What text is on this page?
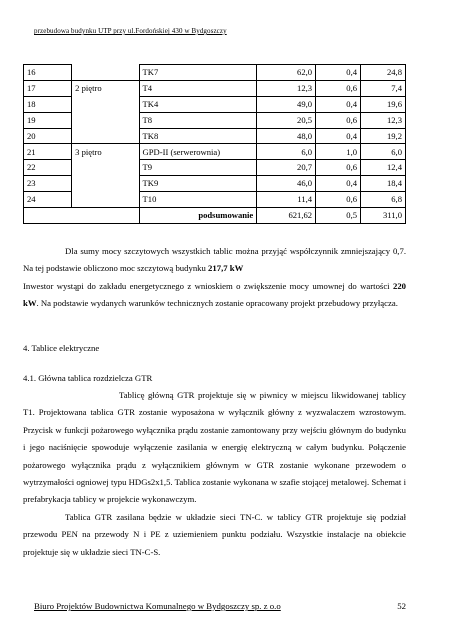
przebudowa budynku UTP przy ul.Fordońskiej 430 w Bydgoszczy
16		TK7	62,0	0,4	24,8
17	2 piętro	T4	12,3	0,6	7,4
18		TK4	49,0	0,4	19,6
19		T8	20,5	0,6	12,3
20		TK8	48,0	0,4	19,2
21	3 piętro	GPD-II (serwerownia)	6,0	1,0	6,0
22		T9	20,7	0,6	12,4
23		TK9	46,0	0,4	18,4
24		T10	11,4	0,6	6,8
		podsumowanie	621,62	0,5	311,0

Dla sumy mocy szczytowych wszystkich tablic można przyjąć współczynnik zmniejszający 0,7. Na tej podstawie obliczono moc szczytową budynku 217,7 kW

Inwestor wystąpi do zakładu energetycznego z wnioskiem o zwiększenie mocy umownej do wartości 220 kW. Na podstawie wydanych warunków technicznych zostanie opracowany projekt przebudowy przyłącza.

4. Tablice elektryczne
4.1. Główna tablica rozdzielcza GTR

Tablicę główną GTR projektuje się w piwnicy w miejscu likwidowanej tablicy T1. Projektowana tablica GTR zostanie wyposażona w wyłącznik główny z wyzwalaczem wzrostowym. Przycisk w funkcji pożarowego wyłącznika prądu zostanie zamontowany przy wejściu głównym do budynku i jego naciśnięcie spowoduje wyłączenie zasilania w energię elektryczną w całym budynku. Połączenie pożarowego wyłącznika prądu z wyłącznikiem głównym w GTR zostanie wykonane przewodem o wytrzymałości ogniowej typu HDGs2x1,5. Tablica zostanie wykonana w szafie stojącej metalowej. Schemat i prefabrykacja tablicy w projekcie wykonawczym.

Tablica GTR zasilana będzie w układzie sieci TN-C. w tablicy GTR projektuje się podział przewodu PEN na przewody N i PE z uziemieniem punktu podziału. Wszystkie instalacje na obiekcie projektuje się w układzie sieci TN-C-S.

Biuro Projektów Budownictwa Komunalnego w Bydgoszczy sp. z o.o	52
